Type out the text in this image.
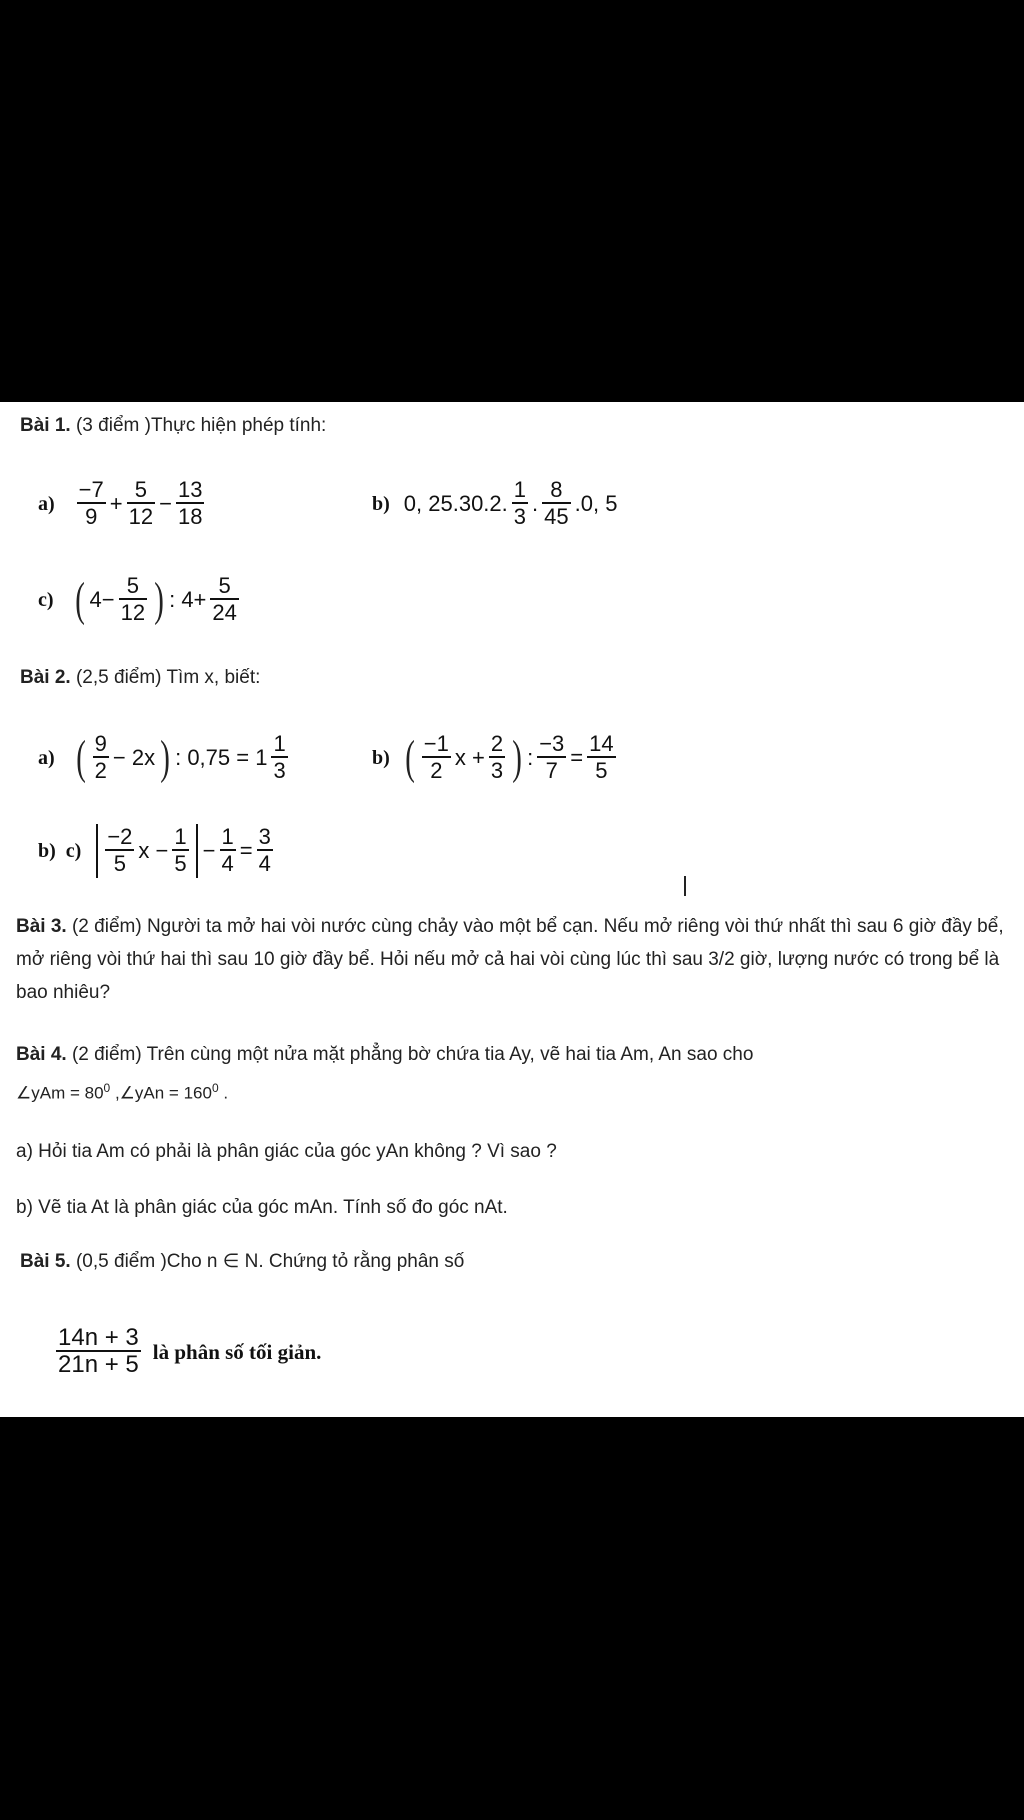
Bài 1. (3 điểm )Thực hiện phép tính:
$a) \frac{-7}{9} + \frac{5}{12} - \frac{13}{18}$	b) 0, 25.30.2. $\frac{1}{3}$ . $\frac{8}{45} .0$, 5
c) ( $4- \frac{5}{12}$ ) : $4+ \frac{5}{24}$
Bài 2. (2,5 điểm) Tìm x, biết:
a) ( $\frac{9}{2} - 2x$ ) : $0,75 = 1 \frac{1}{3}$	b) ( $\frac{-1}{2}$ $x + \frac{2}{3}$ ) : $\frac{-3}{7} = \frac{14}{5}$
b)  $c) \frac{-2}{5}$ $x - \frac{1}{5} - \frac{1}{4} = \frac{3}{4}$
Bài 3. (2 điểm) Người ta mở hai vòi nước cùng chảy vào một bể cạn. Nếu mở riêng vòi thứ nhất thì sau 6 giờ đầy bể, mở riêng vòi thứ hai thì sau 10 giờ đầy bể. Hỏi nếu mở cả hai vòi cùng lúc thì sau 3/2 giờ, lượng nước có trong bể là bao nhiêu?
Bài 4. (2 điểm) Trên cùng một nửa mặt phẳng bờ chứa tia Ay, vẽ hai tia Am, An sao cho
∠yAm = $80^0$ ,∠yAn = $160^0$ .
a) Hỏi tia Am có phải là phân giác của góc yAn không ? Vì sao ?
b) Vẽ tia At là phân giác của góc mAn. Tính số đo góc nAt.
Bài 5. (0,5 điểm )Cho n ∈ N. Chứng tỏ rằng phân số
$\frac{14n + 3}{21n + 5}$ là phân số tối giản.
